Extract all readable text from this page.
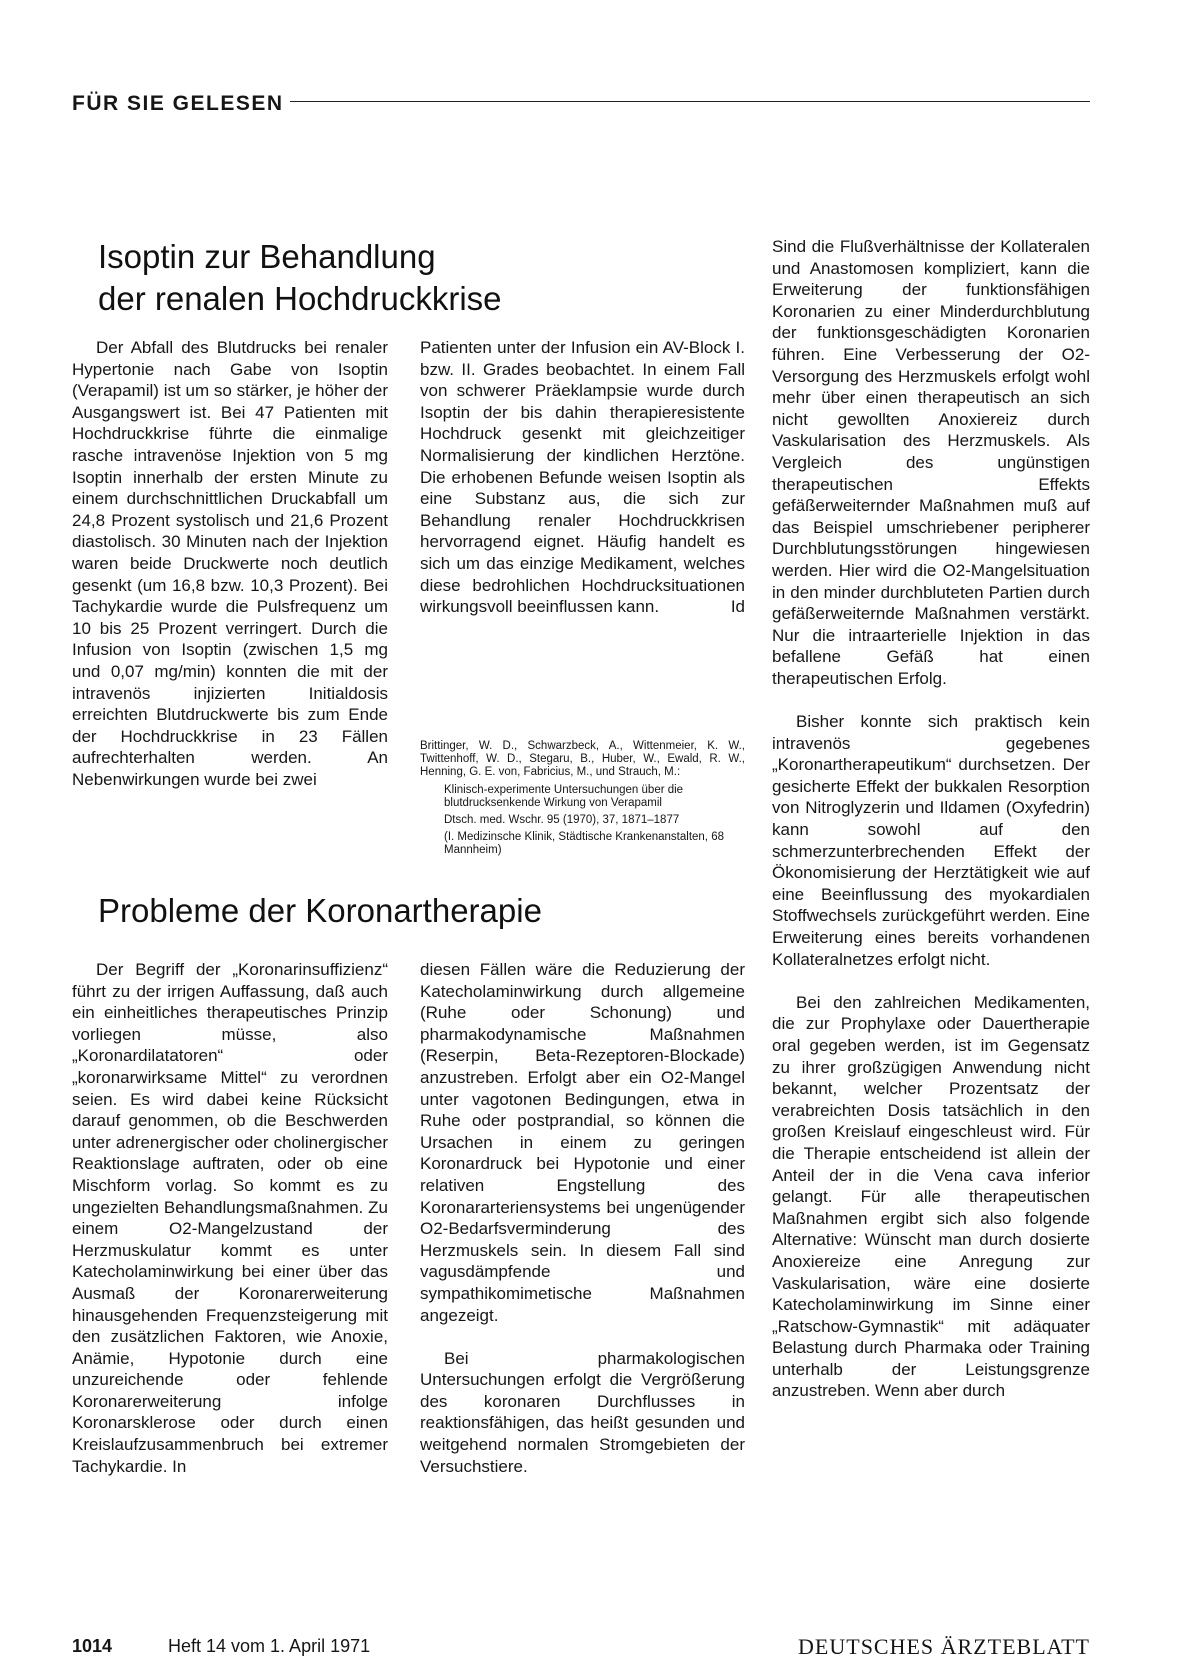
FÜR SIE GELESEN
Isoptin zur Behandlung
der renalen Hochdruckkrise

Der Abfall des Blutdrucks bei renaler Hypertonie nach Gabe von Isoptin (Verapamil) ist um so stärker, je höher der Ausgangswert ist. Bei 47 Patienten mit Hochdruckkrise führte die einmalige rasche intravenöse Injektion von 5 mg Isoptin innerhalb der ersten Minute zu einem durchschnittlichen Druckabfall um 24,8 Prozent systolisch und 21,6 Prozent diastolisch. 30 Minuten nach der Injektion waren beide Druckwerte noch deutlich gesenkt (um 16,8 bzw. 10,3 Prozent). Bei Tachykardie wurde die Pulsfrequenz um 10 bis 25 Prozent verringert. Durch die Infusion von Isoptin (zwischen 1,5 mg und 0,07 mg/min) konnten die mit der intravenös injizierten Initialdosis erreichten Blutdruckwerte bis zum Ende der Hochdruckkrise in 23 Fällen aufrechterhalten werden. An Nebenwirkungen wurde bei zwei

Patienten unter der Infusion ein AV-Block I. bzw. II. Grades beobachtet. In einem Fall von schwerer Präeklampsie wurde durch Isoptin der bis dahin therapieresistente Hochdruck gesenkt mit gleichzeitiger Normalisierung der kindlichen Herztöne. Die erhobenen Befunde weisen Isoptin als eine Substanz aus, die sich zur Behandlung renaler Hochdruckkrisen hervorragend eignet. Häufig handelt es sich um das einzige Medikament, welches diese bedrohlichen Hochdrucksituationen wirkungsvoll beeinflussen kann.	Id

Brittinger, W. D., Schwarzbeck, A., Wittenmeier, K. W., Twittenhoff, W. D., Stegaru, B., Huber, W., Ewald, R. W., Henning, G. E. von, Fabricius, M., und Strauch, M.:

Klinisch-experimente Untersuchungen über die blutdrucksenkende Wirkung von Verapamil

Dtsch. med. Wschr. 95 (1970), 37, 1871–1877

(I. Medizinsche Klinik, Städtische Krankenanstalten, 68 Mannheim)

Probleme der Koronartherapie

Der Begriff der „Koronarinsuffizienz“ führt zu der irrigen Auffassung, daß auch ein einheitliches therapeutisches Prinzip vorliegen müsse, also „Koronardilatatoren“ oder „koronarwirksame Mittel“ zu verordnen seien. Es wird dabei keine Rücksicht darauf genommen, ob die Beschwerden unter adrenergischer oder cholinergischer Reaktionslage auftraten, oder ob eine Mischform vorlag. So kommt es zu ungezielten Behandlungsmaßnahmen. Zu einem O2-Mangelzustand der Herzmuskulatur kommt es unter Katecholaminwirkung bei einer über das Ausmaß der Koronarerweiterung hinausgehenden Frequenzsteigerung mit den zusätzlichen Faktoren, wie Anoxie, Anämie, Hypotonie durch eine unzureichende oder fehlende Koronarerweiterung infolge Koronarsklerose oder durch einen Kreislaufzusammenbruch bei extremer Tachykardie. In

diesen Fällen wäre die Reduzierung der Katecholaminwirkung durch allgemeine (Ruhe oder Schonung) und pharmakodynamische Maßnahmen (Reserpin, Beta-Rezeptoren-Blockade) anzustreben. Erfolgt aber ein O2-Mangel unter vagotonen Bedingungen, etwa in Ruhe oder postprandial, so können die Ursachen in einem zu geringen Koronardruck bei Hypotonie und einer relativen Engstellung des Koronararteriensystems bei ungenügender O2-Bedarfsverminderung des Herzmuskels sein. In diesem Fall sind vagusdämpfende und sympathikomimetische Maßnahmen angezeigt.

Bei pharmakologischen Untersuchungen erfolgt die Vergrößerung des koronaren Durchflusses in reaktionsfähigen, das heißt gesunden und weitgehend normalen Stromgebieten der Versuchstiere.

Sind die Flußverhältnisse der Kollateralen und Anastomosen kompliziert, kann die Erweiterung der funktionsfähigen Koronarien zu einer Minderdurchblutung der funktionsgeschädigten Koronarien führen. Eine Verbesserung der O2-Versorgung des Herzmuskels erfolgt wohl mehr über einen therapeutisch an sich nicht gewollten Anoxiereiz durch Vaskularisation des Herzmuskels. Als Vergleich des ungünstigen therapeutischen Effekts gefäßerweiternder Maßnahmen muß auf das Beispiel umschriebener peripherer Durchblutungsstörungen hingewiesen werden. Hier wird die O2-Mangelsituation in den minder durchbluteten Partien durch gefäßerweiternde Maßnahmen verstärkt. Nur die intraarterielle Injektion in das befallene Gefäß hat einen therapeutischen Erfolg.

Bisher konnte sich praktisch kein intravenös gegebenes „Koronartherapeutikum“ durchsetzen. Der gesicherte Effekt der bukkalen Resorption von Nitroglyzerin und Ildamen (Oxyfedrin) kann sowohl auf den schmerzunterbrechenden Effekt der Ökonomisierung der Herztätigkeit wie auf eine Beeinflussung des myokardialen Stoffwechsels zurückgeführt werden. Eine Erweiterung eines bereits vorhandenen Kollateralnetzes erfolgt nicht.

Bei den zahlreichen Medikamenten, die zur Prophylaxe oder Dauertherapie oral gegeben werden, ist im Gegensatz zu ihrer großzügigen Anwendung nicht bekannt, welcher Prozentsatz der verabreichten Dosis tatsächlich in den großen Kreislauf eingeschleust wird. Für die Therapie entscheidend ist allein der Anteil der in die Vena cava inferior gelangt. Für alle therapeutischen Maßnahmen ergibt sich also folgende Alternative: Wünscht man durch dosierte Anoxiereize eine Anregung zur Vaskularisation, wäre eine dosierte Katecholaminwirkung im Sinne einer „Ratschow-Gymnastik“ mit adäquater Belastung durch Pharmaka oder Training unterhalb der Leistungsgrenze anzustreben. Wenn aber durch

1014	Heft 14 vom 1. April 1971	DEUTSCHES ÄRZTEBLATT
